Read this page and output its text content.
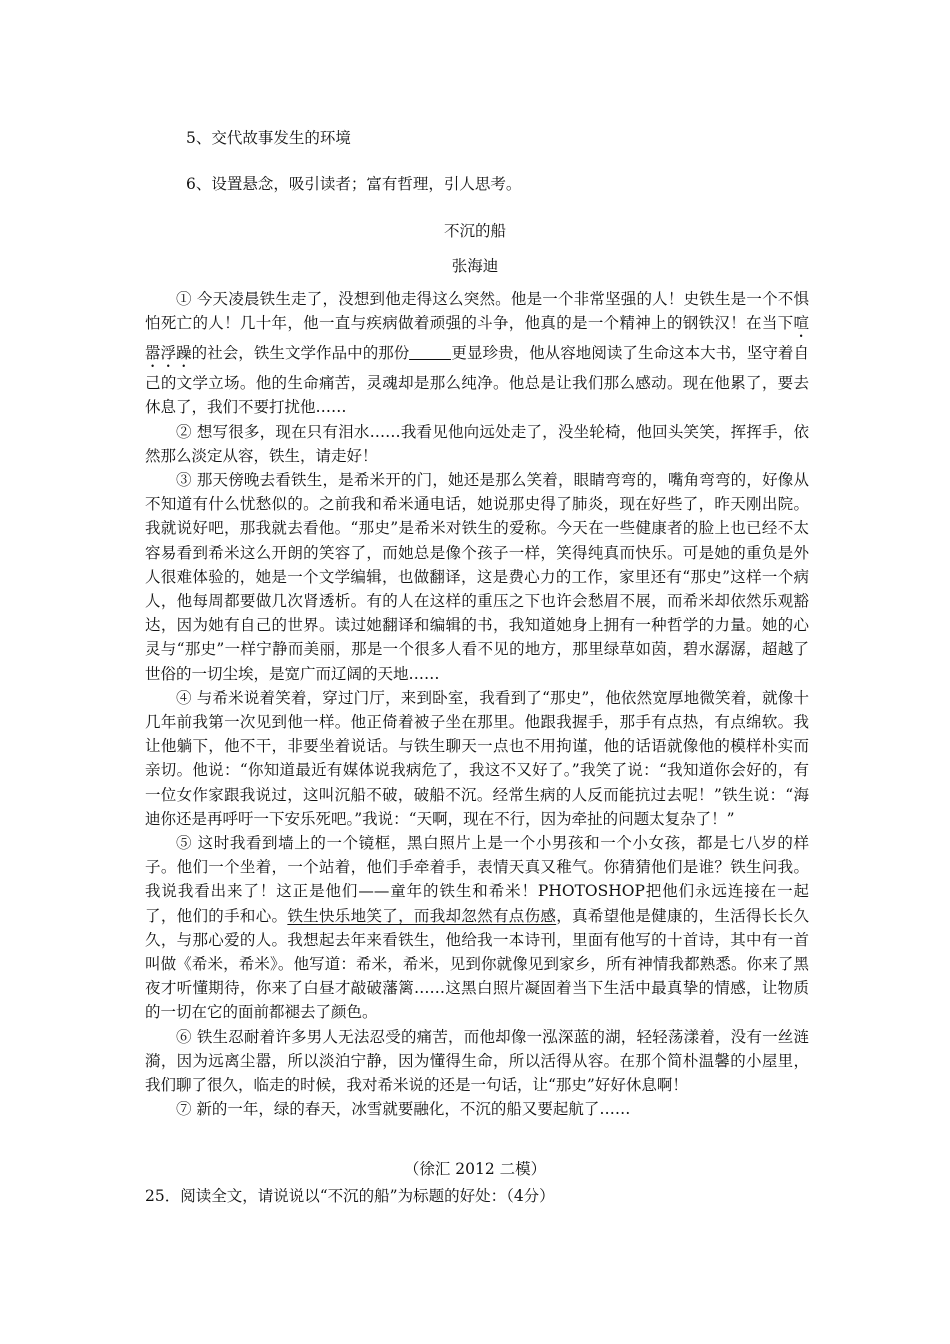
5、交代故事发生的环境
6、设置悬念，吸引读者；富有哲理，引人思考。
不沉的船
张海迪

① 今天凌晨铁生走了，没想到他走得这么突然。他是一个非常坚强的人！史铁生是一个不惧怕死亡的人！几十年，他一直与疾病做着顽强的斗争，他真的是一个精神上的钢铁汉！在当下喧嚣浮躁的社会，铁生文学作品中的那份	更显珍贵，他从容地阅读了生命这本大书，坚守着自己的文学立场。他的生命痛苦，灵魂却是那么纯净。他总是让我们那么感动。现在他累了，要去休息了，我们不要打扰他……

② 想写很多，现在只有泪水……我看见他向远处走了，没坐轮椅，他回头笑笑，挥挥手，依然那么淡定从容，铁生，请走好！

③ 那天傍晚去看铁生，是希米开的门，她还是那么笑着，眼睛弯弯的，嘴角弯弯的，好像从不知道有什么忧愁似的。之前我和希米通电话，她说那史得了肺炎，现在好些了，昨天刚出院。我就说好吧，那我就去看他。“那史”是希米对铁生的爱称。今天在一些健康者的脸上也已经不太容易看到希米这么开朗的笑容了，而她总是像个孩子一样，笑得纯真而快乐。可是她的重负是外人很难体验的，她是一个文学编辑，也做翻译，这是费心力的工作，家里还有“那史”这样一个病人，他每周都要做几次肾透析。有的人在这样的重压之下也许会愁眉不展，而希米却依然乐观豁达，因为她有自己的世界。读过她翻译和编辑的书，我知道她身上拥有一种哲学的力量。她的心灵与“那史”一样宁静而美丽，那是一个很多人看不见的地方，那里绿草如茵，碧水潺潺，超越了世俗的一切尘埃，是宽广而辽阔的天地……

④ 与希米说着笑着，穿过门厅，来到卧室，我看到了“那史”，他依然宽厚地微笑着，就像十几年前我第一次见到他一样。他正倚着被子坐在那里。他跟我握手，那手有点热，有点绵软。我让他躺下，他不干，非要坐着说话。与铁生聊天一点也不用拘谨，他的话语就像他的模样朴实而亲切。他说：“你知道最近有媒体说我病危了，我这不又好了。”我笑了说：“我知道你会好的，有一位女作家跟我说过，这叫沉船不破，破船不沉。经常生病的人反而能抗过去呢！”铁生说：“海迪你还是再呼吁一下安乐死吧。”我说：“天啊，现在不行，因为牵扯的问题太复杂了！”

⑤ 这时我看到墙上的一个镜框，黑白照片上是一个小男孩和一个小女孩，都是七八岁的样子。他们一个坐着，一个站着，他们手牵着手，表情天真又稚气。你猜猜他们是谁？铁生问我。我说我看出来了！这正是他们——童年的铁生和希米！PHOTOSHOP把他们永远连接在一起了，他们的手和心。铁生快乐地笑了，而我却忽然有点伤感，真希望他是健康的，生活得长长久久，与那心爱的人。我想起去年来看铁生，他给我一本诗刊，里面有他写的十首诗，其中有一首叫做《希米，希米》。他写道：希米，希米，见到你就像见到家乡，所有神情我都熟悉。你来了黑夜才听懂期待，你来了白昼才敲破藩篱……这黑白照片凝固着当下生活中最真挚的情感，让物质的一切在它的面前都褪去了颜色。

⑥ 铁生忍耐着许多男人无法忍受的痛苦，而他却像一泓深蓝的湖，轻轻荡漾着，没有一丝涟漪，因为远离尘嚣，所以淡泊宁静，因为懂得生命，所以活得从容。在那个简朴温馨的小屋里，我们聊了很久，临走的时候，我对希米说的还是一句话，让“那史”好好休息啊！

⑦ 新的一年，绿的春天，冰雪就要融化，不沉的船又要起航了……

（徐汇 2012 二模）
25．阅读全文，请说说以“不沉的船”为标题的好处：（4分）
